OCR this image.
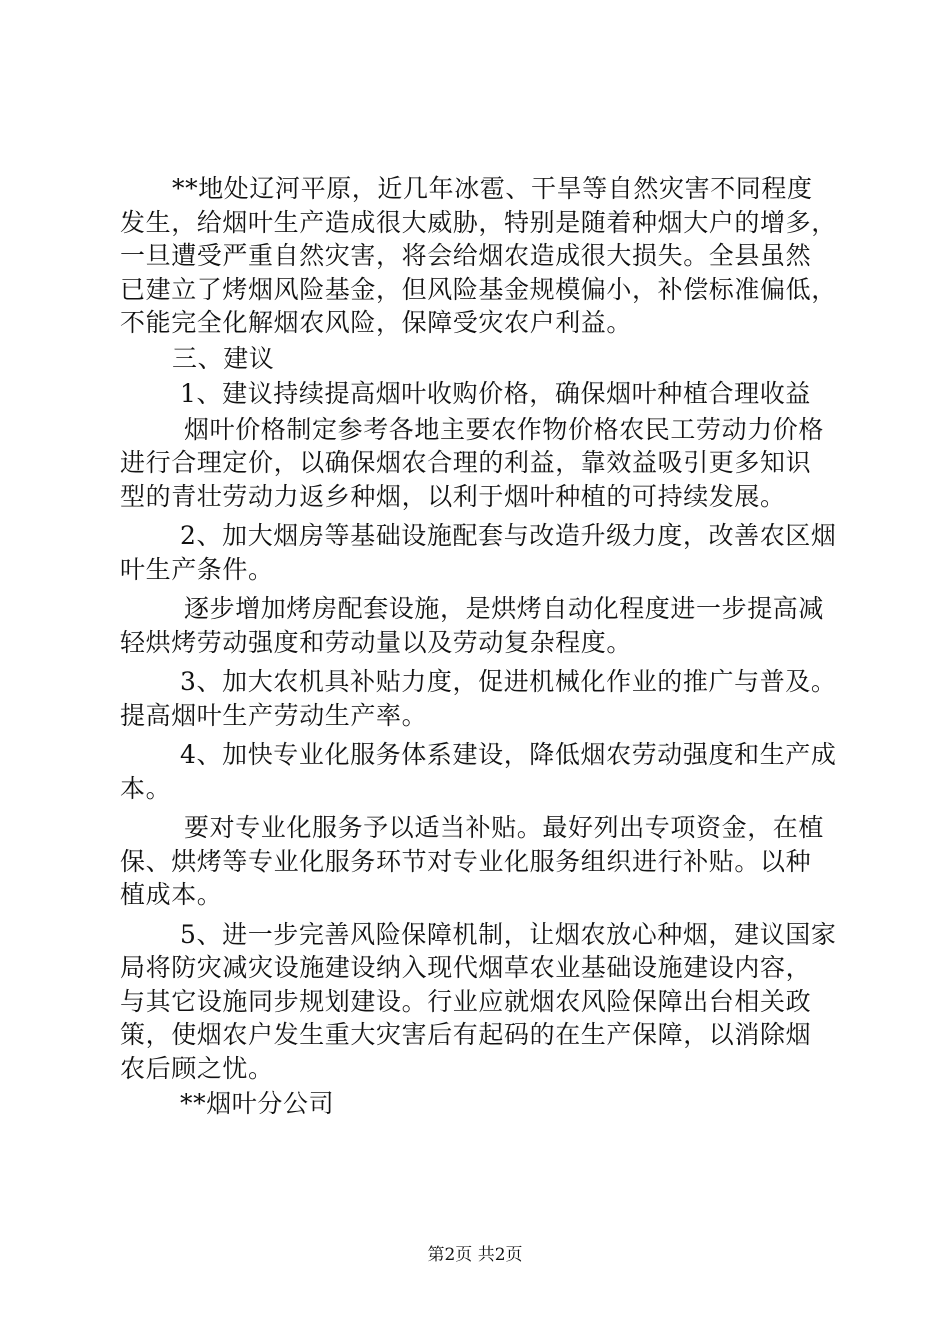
**地处辽河平原，近几年冰雹、干旱等自然灾害不同程度
发生，给烟叶生产造成很大威胁，特别是随着种烟大户的增多，
一旦遭受严重自然灾害，将会给烟农造成很大损失。全县虽然
已建立了烤烟风险基金，但风险基金规模偏小，补偿标准偏低，
不能完全化解烟农风险，保障受灾农户利益。
三、建议
1、建议持续提高烟叶收购价格，确保烟叶种植合理收益
烟叶价格制定参考各地主要农作物价格农民工劳动力价格
进行合理定价，以确保烟农合理的利益，靠效益吸引更多知识
型的青壮劳动力返乡种烟，以利于烟叶种植的可持续发展。
2、加大烟房等基础设施配套与改造升级力度，改善农区烟
叶生产条件。
逐步增加烤房配套设施，是烘烤自动化程度进一步提高减
轻烘烤劳动强度和劳动量以及劳动复杂程度。
3、加大农机具补贴力度，促进机械化作业的推广与普及。
提高烟叶生产劳动生产率。
4、加快专业化服务体系建设，降低烟农劳动强度和生产成
本。
要对专业化服务予以适当补贴。最好列出专项资金，在植
保、烘烤等专业化服务环节对专业化服务组织进行补贴。以种
植成本。
5、进一步完善风险保障机制，让烟农放心种烟，建议国家
局将防灾减灾设施建设纳入现代烟草农业基础设施建设内容，
与其它设施同步规划建设。行业应就烟农风险保障出台相关政
策，使烟农户发生重大灾害后有起码的在生产保障，以消除烟
农后顾之忧。
**烟叶分公司
第2页 共2页
